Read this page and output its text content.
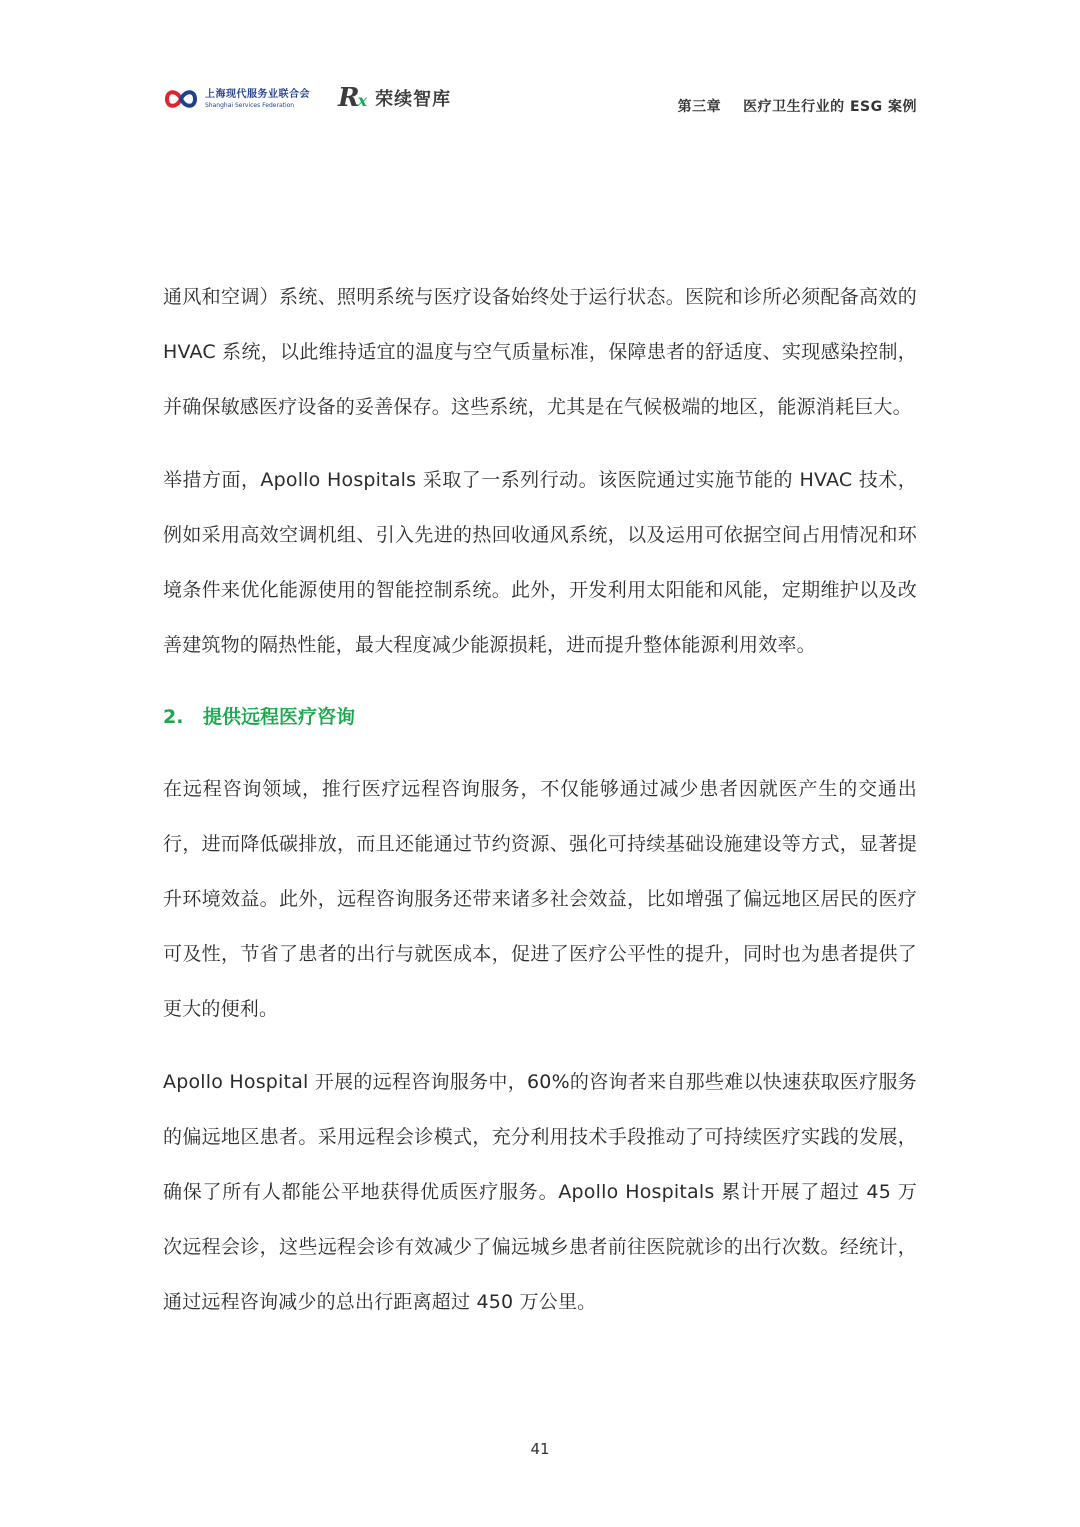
上海现代服务业联合会
Shanghai Services Federation	Rx 荣续智库	第三章 医疗卫生行业的 ESG 案例

通风和空调）系统、照明系统与医疗设备始终处于运行状态。医院和诊所必须配备高效的 HVAC 系统，以此维持适宜的温度与空气质量标准，保障患者的舒适度、实现感染控制，并确保敏感医疗设备的妥善保存。这些系统，尤其是在气候极端的地区，能源消耗巨大。

举措方面，Apollo Hospitals 采取了一系列行动。该医院通过实施节能的 HVAC 技术，例如采用高效空调机组、引入先进的热回收通风系统，以及运用可依据空间占用情况和环境条件来优化能源使用的智能控制系统。此外，开发利用太阳能和风能，定期维护以及改善建筑物的隔热性能，最大程度减少能源损耗，进而提升整体能源利用效率。

2. 提供远程医疗咨询

在远程咨询领域，推行医疗远程咨询服务，不仅能够通过减少患者因就医产生的交通出行，进而降低碳排放，而且还能通过节约资源、强化可持续基础设施建设等方式，显著提升环境效益。此外，远程咨询服务还带来诸多社会效益，比如增强了偏远地区居民的医疗可及性，节省了患者的出行与就医成本，促进了医疗公平性的提升，同时也为患者提供了更大的便利。

Apollo Hospital 开展的远程咨询服务中，60%的咨询者来自那些难以快速获取医疗服务的偏远地区患者。采用远程会诊模式，充分利用技术手段推动了可持续医疗实践的发展，确保了所有人都能公平地获得优质医疗服务。Apollo Hospitals 累计开展了超过 45 万次远程会诊，这些远程会诊有效减少了偏远城乡患者前往医院就诊的出行次数。经统计，通过远程咨询减少的总出行距离超过 450 万公里。

41
